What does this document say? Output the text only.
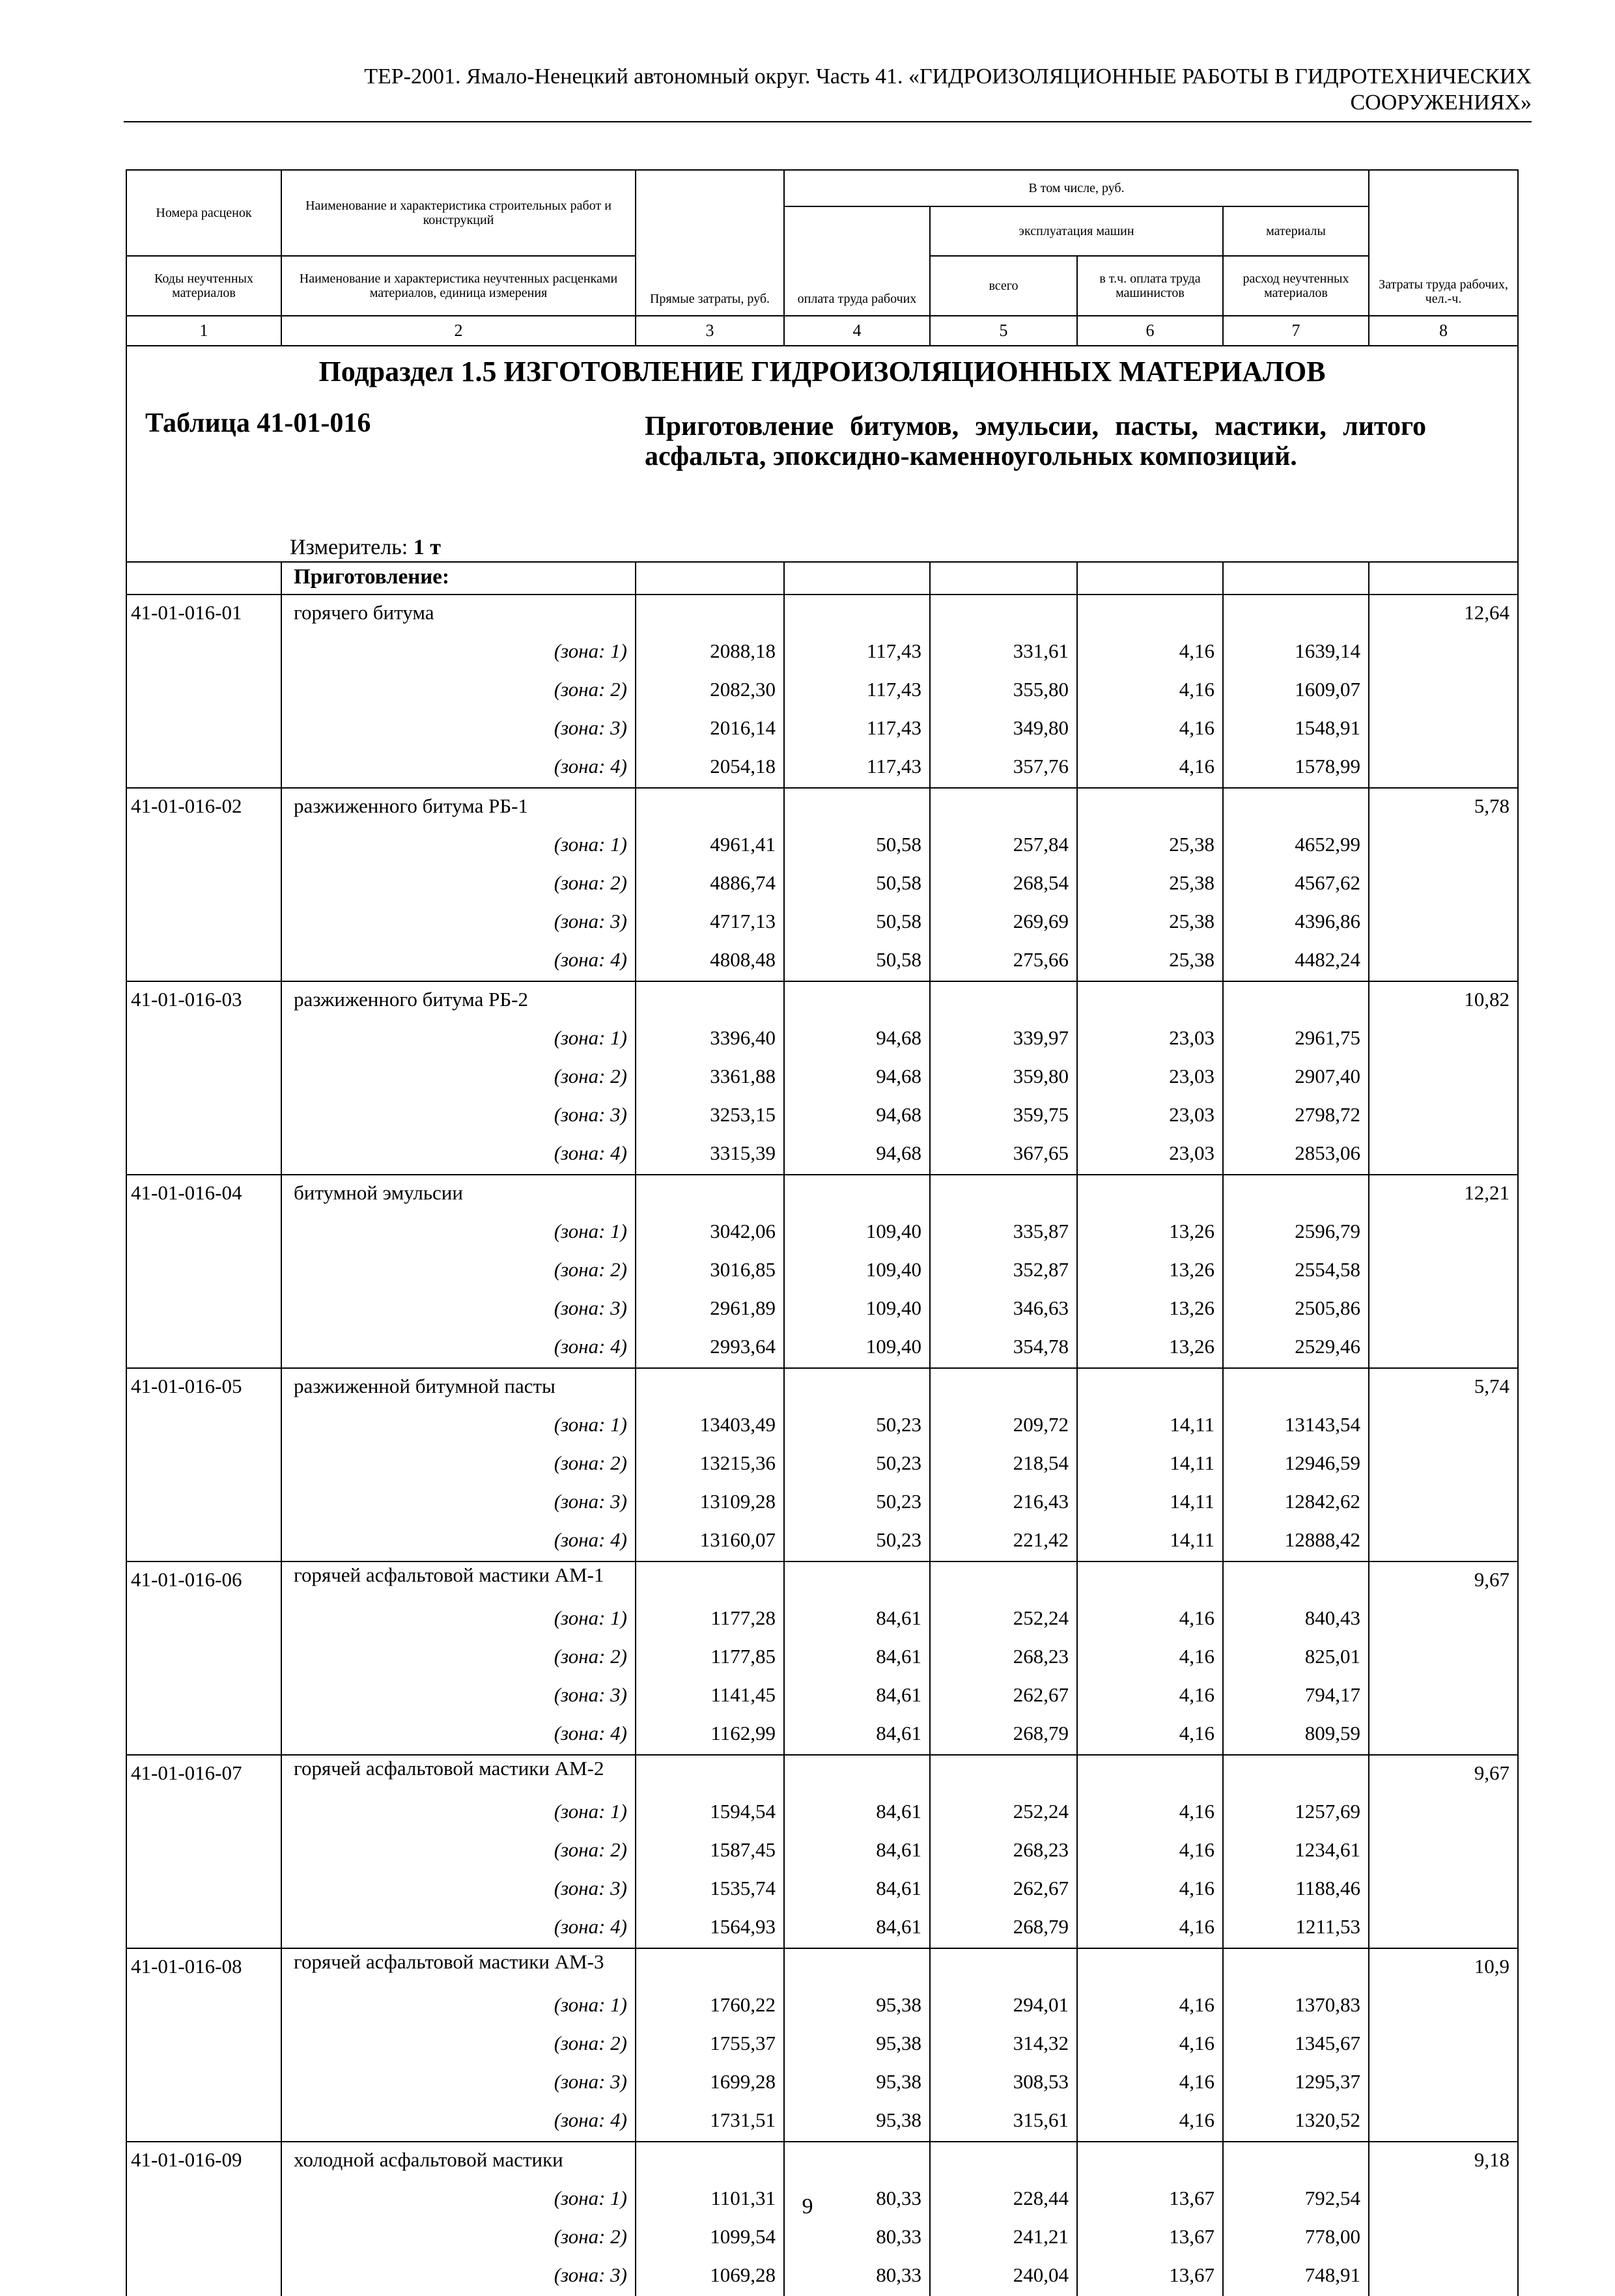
ТЕР-2001. Ямало-Ненецкий автономный округ. Часть 41. «ГИДРОИЗОЛЯЦИОННЫЕ РАБОТЫ В ГИДРОТЕХНИЧЕСКИХ
СООРУЖЕНИЯХ»
Номера расценок	Наименование и характеристика строительных работ и конструкций	Прямые затраты, руб.	В том числе, руб.				Затраты труда рабочих, чел.-ч.
			оплата труда рабочих	эксплуатация машин		материалы	
Коды неучтенных материалов	Наименование и характеристика неучтенных расценками материалов, единица измерения			всего	в т.ч. оплата труда машинистов	расход неучтенных материалов	
1	2	3	4	5	6	7	8

Подраздел 1.5 ИЗГОТОВЛЕНИЕ ГИДРОИЗОЛЯЦИОННЫХ МАТЕРИАЛОВ
Таблица 41-01-016 Приготовление битумов, эмульсии, пасты, мастики, литого асфальта, эпоксидно-каменноугольных композиций.
Измеритель: 1 т							

	Приготовление:						
41-01-016-01	горячего битума						12,64
	(зона: 1)	2088,18	117,43	331,61	4,16	1639,14	
	(зона: 2)	2082,30	117,43	355,80	4,16	1609,07	
	(зона: 3)	2016,14	117,43	349,80	4,16	1548,91	
	(зона: 4)	2054,18	117,43	357,76	4,16	1578,99	
41-01-016-02	разжиженного битума РБ-1						5,78
	(зона: 1)	4961,41	50,58	257,84	25,38	4652,99	
	(зона: 2)	4886,74	50,58	268,54	25,38	4567,62	
	(зона: 3)	4717,13	50,58	269,69	25,38	4396,86	
	(зона: 4)	4808,48	50,58	275,66	25,38	4482,24	
41-01-016-03	разжиженного битума РБ-2						10,82
	(зона: 1)	3396,40	94,68	339,97	23,03	2961,75	
	(зона: 2)	3361,88	94,68	359,80	23,03	2907,40	
	(зона: 3)	3253,15	94,68	359,75	23,03	2798,72	
	(зона: 4)	3315,39	94,68	367,65	23,03	2853,06	
41-01-016-04	битумной эмульсии						12,21
	(зона: 1)	3042,06	109,40	335,87	13,26	2596,79	
	(зона: 2)	3016,85	109,40	352,87	13,26	2554,58	
	(зона: 3)	2961,89	109,40	346,63	13,26	2505,86	
	(зона: 4)	2993,64	109,40	354,78	13,26	2529,46	
41-01-016-05	разжиженной битумной пасты						5,74
	(зона: 1)	13403,49	50,23	209,72	14,11	13143,54	
	(зона: 2)	13215,36	50,23	218,54	14,11	12946,59	
	(зона: 3)	13109,28	50,23	216,43	14,11	12842,62	
	(зона: 4)	13160,07	50,23	221,42	14,11	12888,42	
41-01-016-06	горячей асфальтовой мастики АМ-1						9,67
	(зона: 1)	1177,28	84,61	252,24	4,16	840,43	
	(зона: 2)	1177,85	84,61	268,23	4,16	825,01	
	(зона: 3)	1141,45	84,61	262,67	4,16	794,17	
	(зона: 4)	1162,99	84,61	268,79	4,16	809,59	
41-01-016-07	горячей асфальтовой мастики АМ-2						9,67
	(зона: 1)	1594,54	84,61	252,24	4,16	1257,69	
	(зона: 2)	1587,45	84,61	268,23	4,16	1234,61	
	(зона: 3)	1535,74	84,61	262,67	4,16	1188,46	
	(зона: 4)	1564,93	84,61	268,79	4,16	1211,53	
41-01-016-08	горячей асфальтовой мастики АМ-3						10,9
	(зона: 1)	1760,22	95,38	294,01	4,16	1370,83	
	(зона: 2)	1755,37	95,38	314,32	4,16	1345,67	
	(зона: 3)	1699,28	95,38	308,53	4,16	1295,37	
	(зона: 4)	1731,51	95,38	315,61	4,16	1320,52	
41-01-016-09	холодной асфальтовой мастики						9,18
	(зона: 1)	1101,31	80,33	228,44	13,67	792,54	
	(зона: 2)	1099,54	80,33	241,21	13,67	778,00	
	(зона: 3)	1069,28	80,33	240,04	13,67	748,91	
9
